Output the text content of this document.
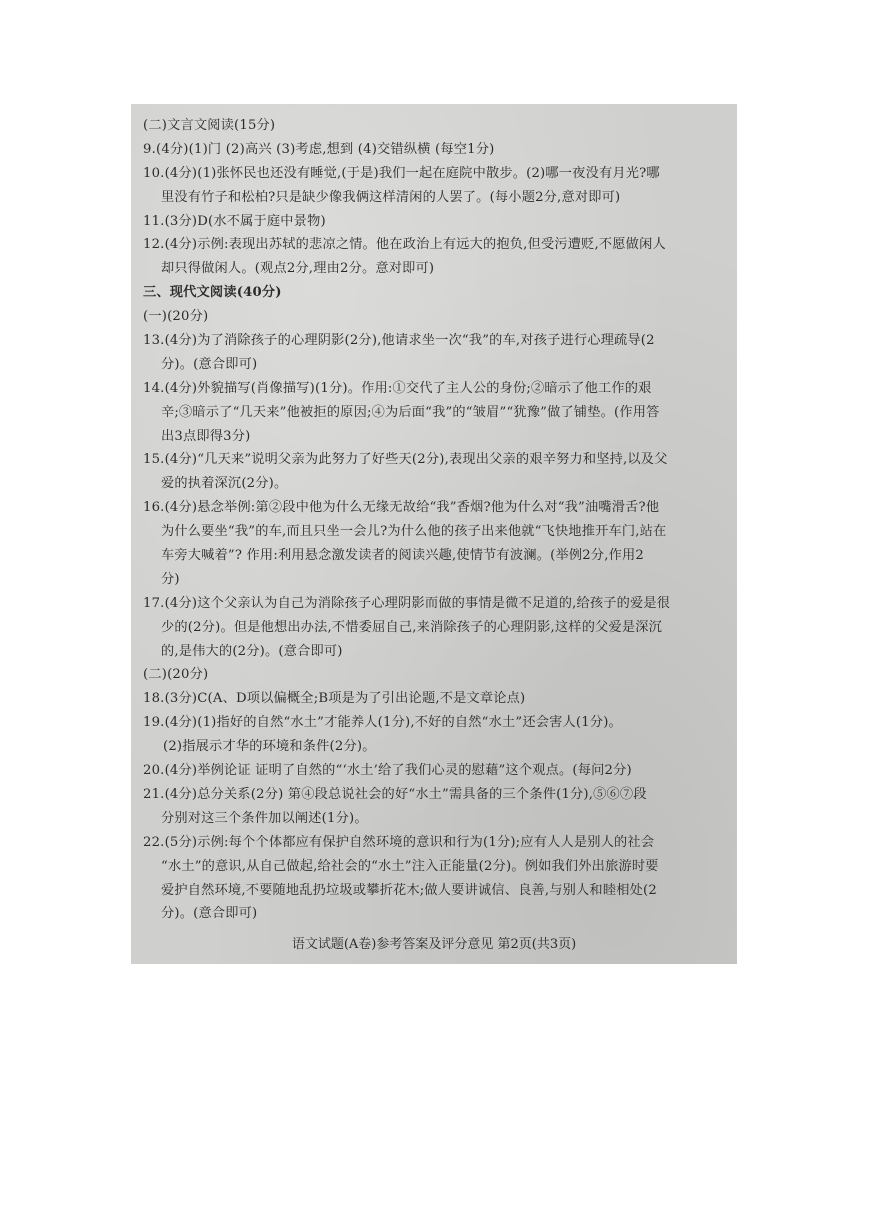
(二)文言文阅读(15分)
9.(4分)(1)门 (2)高兴 (3)考虑,想到 (4)交错纵横 (每空1分)
10.(4分)(1)张怀民也还没有睡觉,(于是)我们一起在庭院中散步。(2)哪一夜没有月光?哪
里没有竹子和松柏?只是缺少像我俩这样清闲的人罢了。(每小题2分,意对即可)
11.(3分)D(水不属于庭中景物)
12.(4分)示例:表现出苏轼的悲凉之情。他在政治上有远大的抱负,但受污遭贬,不愿做闲人
却只得做闲人。(观点2分,理由2分。意对即可)
三、现代文阅读(40分)
(一)(20分)
13.(4分)为了消除孩子的心理阴影(2分),他请求坐一次“我”的车,对孩子进行心理疏导(2
分)。(意合即可)
14.(4分)外貌描写(肖像描写)(1分)。作用:①交代了主人公的身份;②暗示了他工作的艰
辛;③暗示了“几天来”他被拒的原因;④为后面“我”的“皱眉”“犹豫”做了铺垫。(作用答
出3点即得3分)
15.(4分)“几天来”说明父亲为此努力了好些天(2分),表现出父亲的艰辛努力和坚持,以及父
爱的执着深沉(2分)。
16.(4分)悬念举例:第②段中他为什么无缘无故给“我”香烟?他为什么对“我”油嘴滑舌?他
为什么要坐“我”的车,而且只坐一会儿?为什么他的孩子出来他就“飞快地推开车门,站在
车旁大喊着”? 作用:利用悬念激发读者的阅读兴趣,使情节有波澜。(举例2分,作用2
分)
17.(4分)这个父亲认为自己为消除孩子心理阴影而做的事情是微不足道的,给孩子的爱是很
少的(2分)。但是他想出办法,不惜委屈自己,来消除孩子的心理阴影,这样的父爱是深沉
的,是伟大的(2分)。(意合即可)
(二)(20分)
18.(3分)C(A、D项以偏概全;B项是为了引出论题,不是文章论点)
19.(4分)(1)指好的自然“水土”才能养人(1分),不好的自然“水土”还会害人(1分)。
(2)指展示才华的环境和条件(2分)。
20.(4分)举例论证 证明了自然的“‘水土’给了我们心灵的慰藉”这个观点。(每问2分)
21.(4分)总分关系(2分) 第④段总说社会的好“水土”需具备的三个条件(1分),⑤⑥⑦段
分别对这三个条件加以阐述(1分)。
22.(5分)示例:每个个体都应有保护自然环境的意识和行为(1分);应有人人是别人的社会
“水土”的意识,从自己做起,给社会的“水土”注入正能量(2分)。例如我们外出旅游时要
爱护自然环境,不要随地乱扔垃圾或攀折花木;做人要讲诚信、良善,与别人和睦相处(2
分)。(意合即可)
语文试题(A卷)参考答案及评分意见 第2页(共3页)
